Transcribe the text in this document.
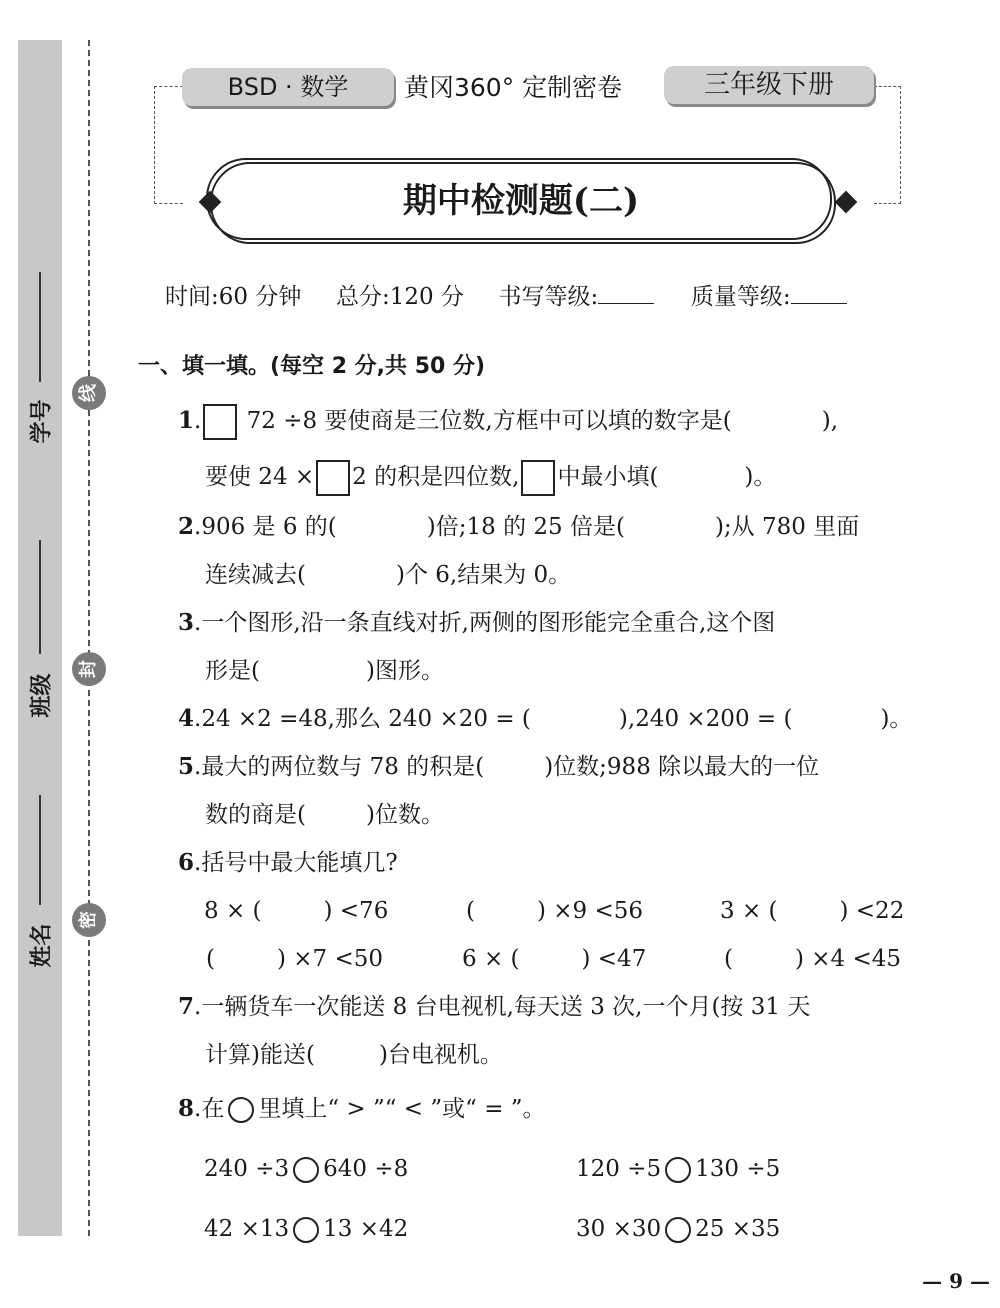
学号
班级
姓名
线
封
密
BSD · 数学	黄冈360° 定制密卷	三年级下册
期中检测题(二)
时间:60 分钟 总分:120 分 书写等级:	质量等级:
一、填一填。(每空 2 分,共 50 分)
1. 72 ÷8 要使商是三位数,方框中可以填的数字是(	),
要使 24 × 2 的积是四位数, 中最小填(	)。
2.906 是 6 的(	)倍;18 的 25 倍是(	);从 780 里面
连续减去(	)个 6,结果为 0。
3.一个图形,沿一条直线对折,两侧的图形能完全重合,这个图
形是(	)图形。
4.24 ×2 =48,那么 240 ×20 = (	),240 ×200 = (	)。
5.最大的两位数与 78 的积是(	)位数;988 除以最大的一位
数的商是(	)位数。
6.括号中最大能填几?
8 × (	) <76	(	) ×9 <56	3 × (	) <22
(	) ×7 <50	6 × (	) <47	(	) ×4 <45
7.一辆货车一次能送 8 台电视机,每天送 3 次,一个月(按 31 天
计算)能送(	)台电视机。
8.在 里填上“ > ”“ < ”或“ = ”。
240 ÷3 640 ÷8	120 ÷5 130 ÷5
42 ×13 13 ×42	30 ×30 25 ×35
— 9 —
